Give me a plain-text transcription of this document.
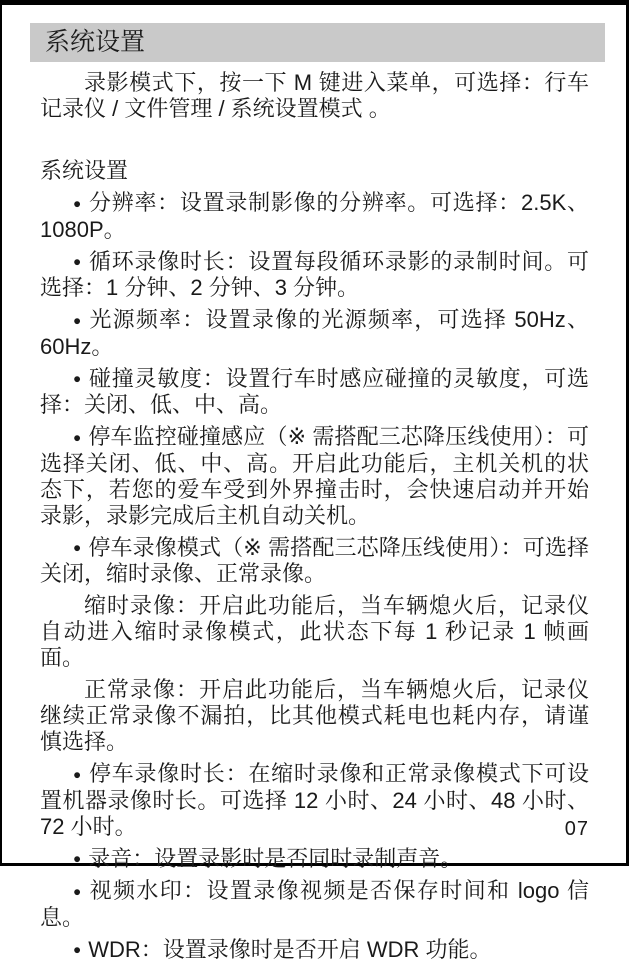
系统设置

录影模式下，按一下 M 键进入菜单，可选择：行车记录仪 / 文件管理 / 系统设置模式 。

系统设置

● 分辨率：设置录制影像的分辨率。可选择：2.5K、1080P。

● 循环录像时长：设置每段循环录影的录制时间。可选择：1 分钟、2 分钟、3 分钟。

● 光源频率：设置录像的光源频率，可选择 50Hz、60Hz。

● 碰撞灵敏度：设置行车时感应碰撞的灵敏度，可选择：关闭、低、中、高。

● 停车监控碰撞感应（※ 需搭配三芯降压线使用）：可选择关闭、低、中、高。开启此功能后，主机关机的状态下，若您的爱车受到外界撞击时，会快速启动并开始录影，录影完成后主机自动关机。

● 停车录像模式（※ 需搭配三芯降压线使用）：可选择关闭，缩时录像、正常录像。

缩时录像：开启此功能后，当车辆熄火后，记录仪自动进入缩时录像模式，此状态下每 1 秒记录 1 帧画面。

正常录像：开启此功能后，当车辆熄火后，记录仪继续正常录像不漏拍，比其他模式耗电也耗内存，请谨慎选择。

● 停车录像时长：在缩时录像和正常录像模式下可设置机器录像时长。可选择 12 小时、24 小时、48 小时、72 小时。

● 录音：设置录影时是否同时录制声音。

● 视频水印：设置录像视频是否保存时间和 logo 信息。

● WDR：设置录像时是否开启 WDR 功能。

07
